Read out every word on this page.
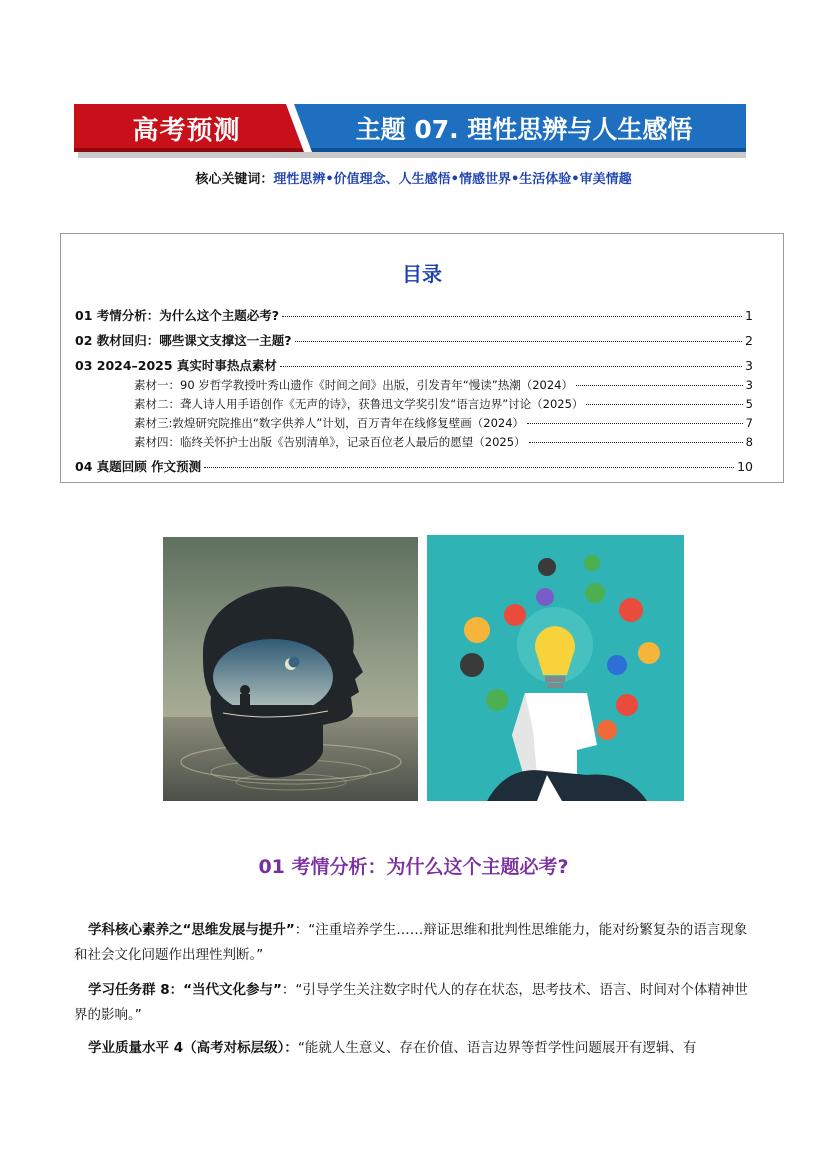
高考预测	主题 07. 理性思辨与人生感悟
核心关键词：理性思辨•价值理念、人生感悟•情感世界•生活体验•审美情趣
目录
01 考情分析：为什么这个主题必考?	1
02 教材回归：哪些课文支撑这一主题?	2
03 2024–2025 真实时事热点素材	3
素材一：90 岁哲学教授叶秀山遗作《时间之间》出版，引发青年“慢读”热潮（2024）	3
素材二：聋人诗人用手语创作《无声的诗》，获鲁迅文学奖引发“语言边界”讨论（2025）	5
素材三:敦煌研究院推出“数字供养人”计划，百万青年在线修复壁画（2024）	7
素材四：临终关怀护士出版《告别清单》，记录百位老人最后的愿望（2025）	8
04 真题回顾 作文预测	10
01 考情分析：为什么这个主题必考?
学科核心素养之“思维发展与提升”：“注重培养学生……辩证思维和批判性思维能力，能对纷繁复杂的语言现象和社会文化问题作出理性判断。”
学习任务群 8：“当代文化参与”：“引导学生关注数字时代人的存在状态，思考技术、语言、时间对个体精神世界的影响。”
学业质量水平 4（高考对标层级）：“能就人生意义、存在价值、语言边界等哲学性问题展开有逻辑、有
